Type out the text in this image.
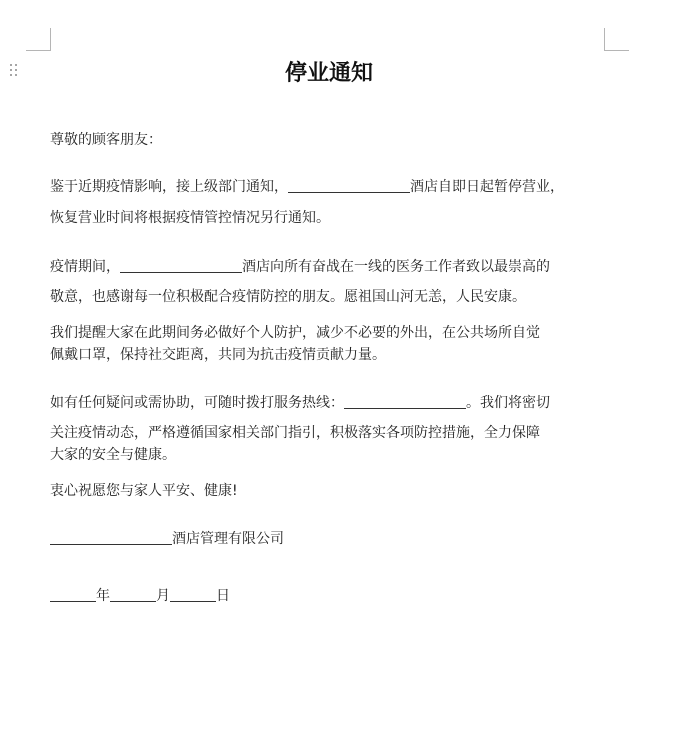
停业通知

尊敬的顾客朋友：

鉴于近期疫情影响，接上级部门通知，	酒店自即日起暂停营业，

恢复营业时间将根据疫情管控情况另行通知。

疫情期间，	酒店向所有奋战在一线的医务工作者致以最崇高的

敬意，也感谢每一位积极配合疫情防控的朋友。愿祖国山河无恙，人民安康。

我们提醒大家在此期间务必做好个人防护，减少不必要的外出，在公共场所自觉

佩戴口罩，保持社交距离，共同为抗击疫情贡献力量。

如有任何疑问或需协助，可随时拨打服务热线：	。我们将密切

关注疫情动态，严格遵循国家相关部门指引，积极落实各项防控措施，全力保障

大家的安全与健康。

衷心祝愿您与家人平安、健康!

酒店管理有限公司

年	月	日
